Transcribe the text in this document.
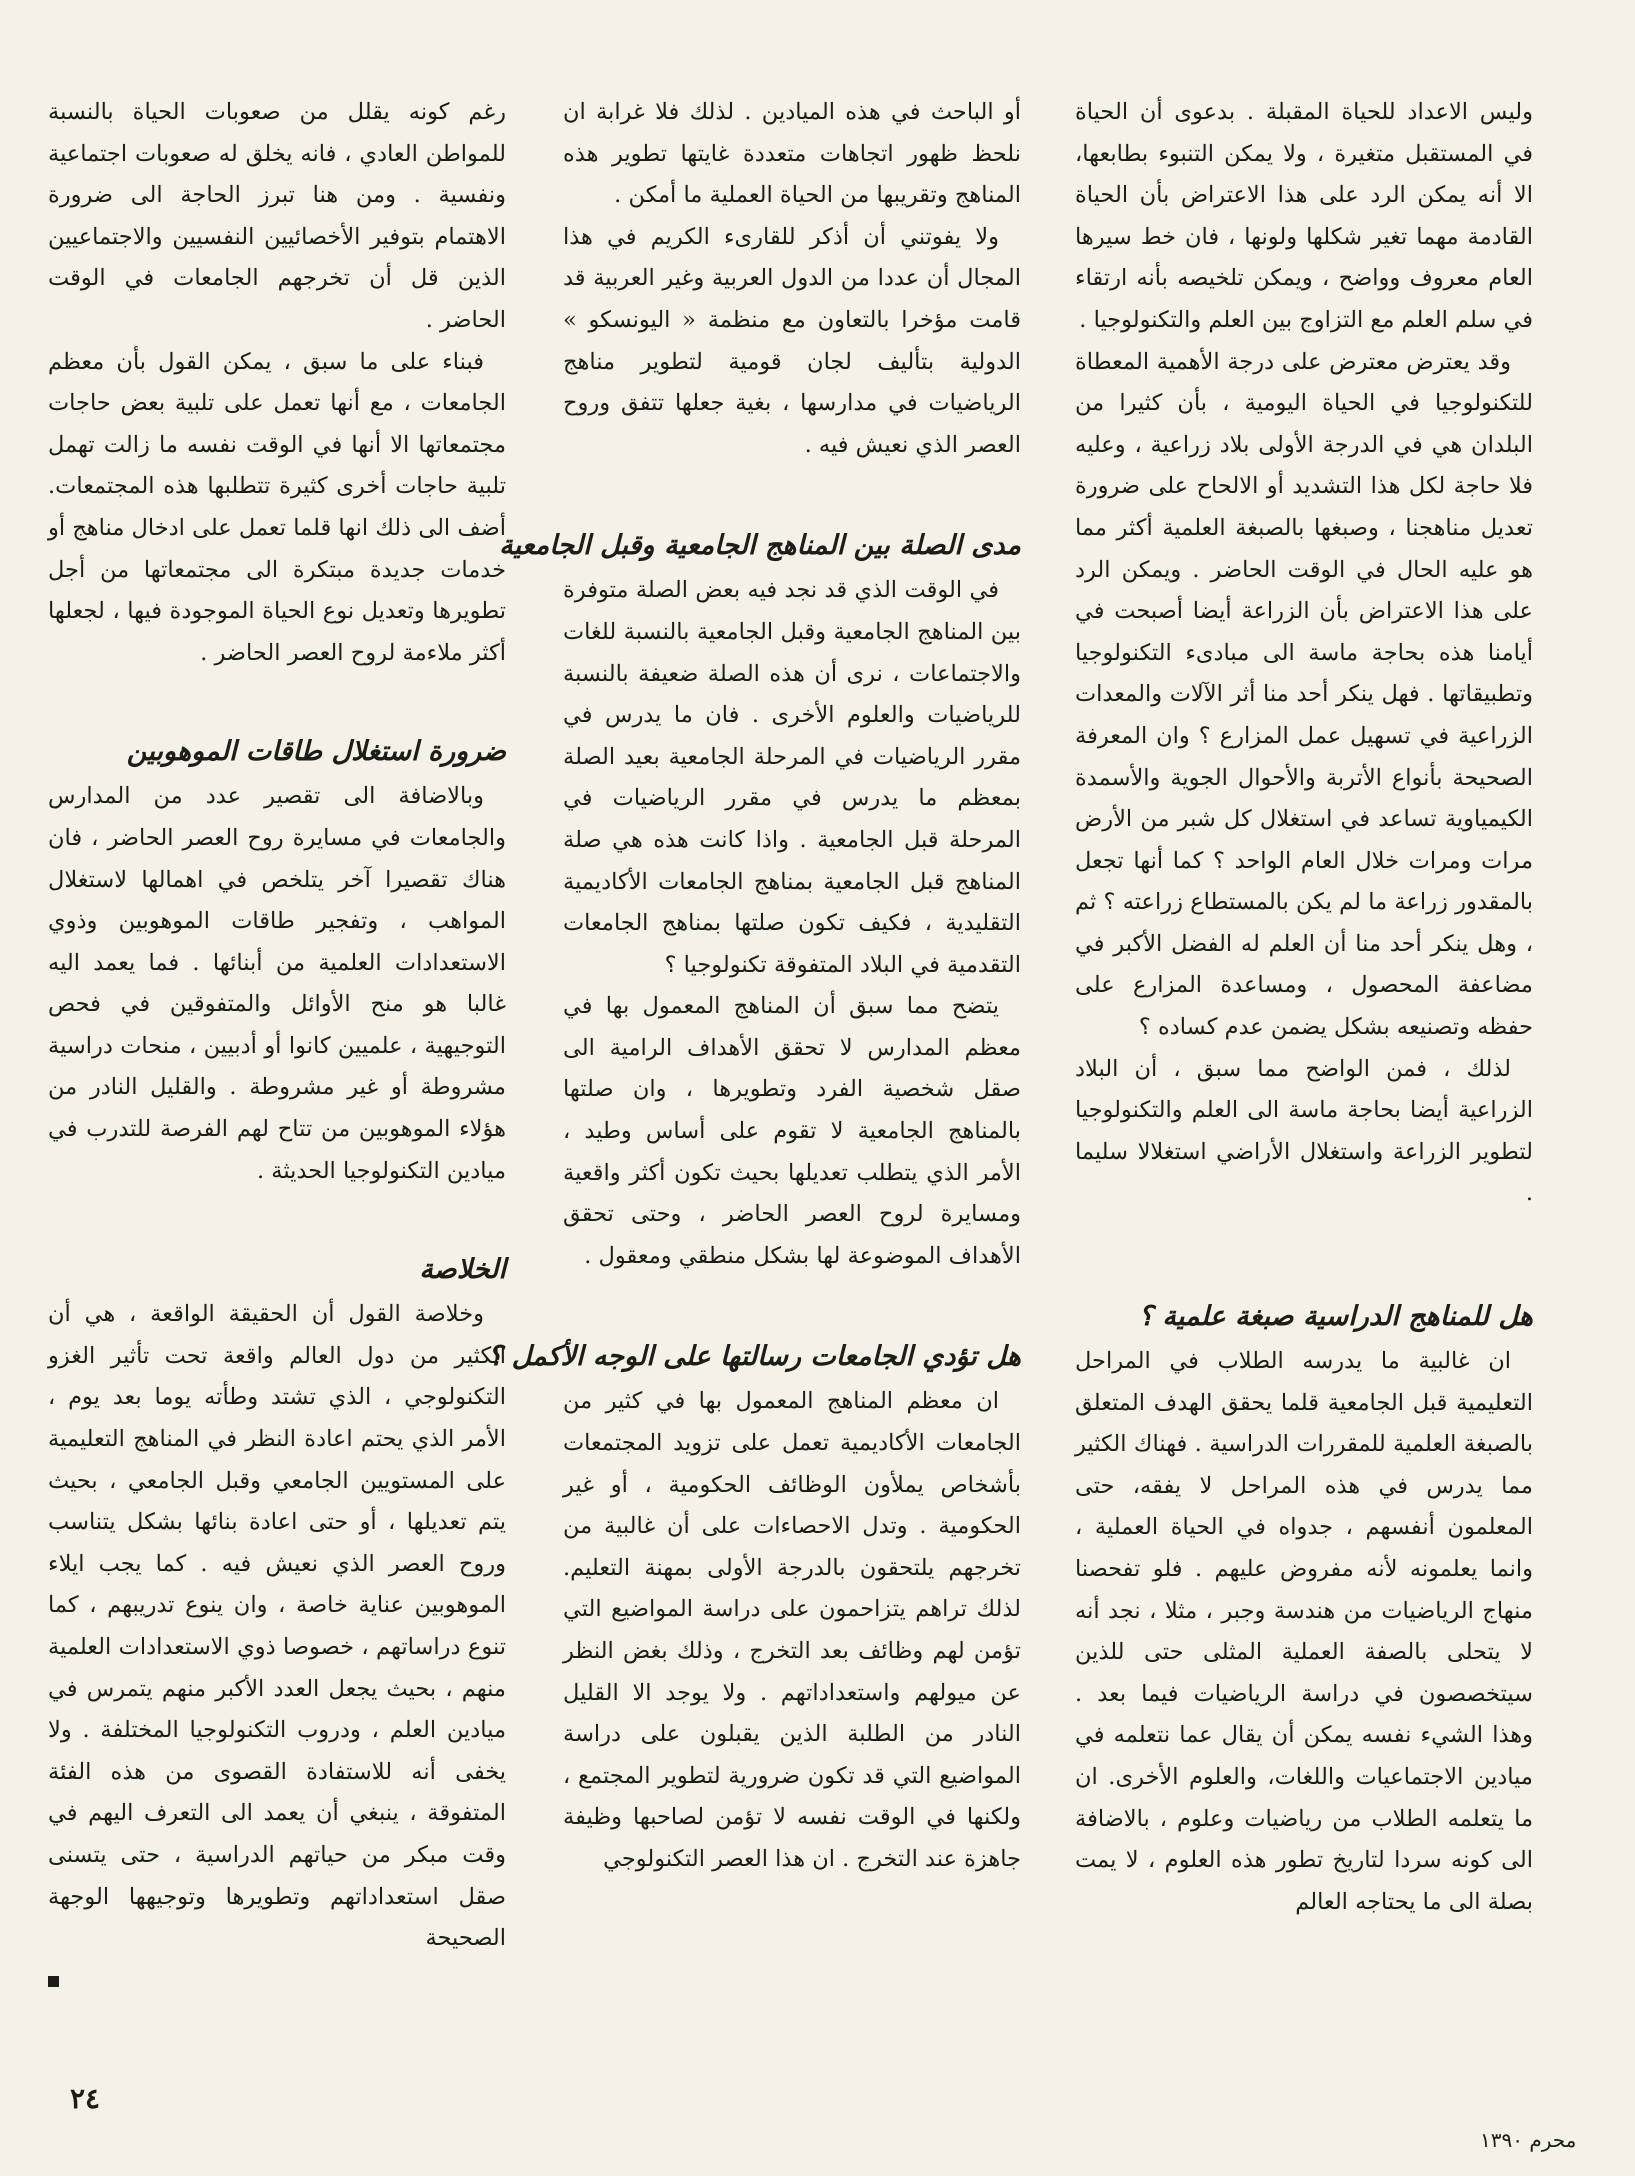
وليس الاعداد للحياة المقبلة . بدعوى أن الحياة في المستقبل متغيرة ، ولا يمكن التنبوء بطابعها، الا أنه يمكن الرد على هذا الاعتراض بأن الحياة القادمة مهما تغير شكلها ولونها ، فان خط سيرها العام معروف وواضح ، ويمكن تلخيصه بأنه ارتقاء في سلم العلم مع التزاوج بين العلم والتكنولوجيا .

وقد يعترض معترض على درجة الأهمية المعطاة للتكنولوجيا في الحياة اليومية ، بأن كثيرا من البلدان هي في الدرجة الأولى بلاد زراعية ، وعليه فلا حاجة لكل هذا التشديد أو الالحاح على ضرورة تعديل مناهجنا ، وصبغها بالصبغة العلمية أكثر مما هو عليه الحال في الوقت الحاضر . ويمكن الرد على هذا الاعتراض بأن الزراعة أيضا أصبحت في أيامنا هذه بحاجة ماسة الى مبادىء التكنولوجيا وتطبيقاتها . فهل ينكر أحد منا أثر الآلات والمعدات الزراعية في تسهيل عمل المزارع ؟ وان المعرفة الصحيحة بأنواع الأتربة والأحوال الجوية والأسمدة الكيمياوية تساعد في استغلال كل شبر من الأرض مرات ومرات خلال العام الواحد ؟ كما أنها تجعل بالمقدور زراعة ما لم يكن بالمستطاع زراعته ؟ ثم ، وهل ينكر أحد منا أن العلم له الفضل الأكبر في مضاعفة المحصول ، ومساعدة المزارع على حفظه وتصنيعه بشكل يضمن عدم كساده ؟

لذلك ، فمن الواضح مما سبق ، أن البلاد الزراعية أيضا بحاجة ماسة الى العلم والتكنولوجيا لتطوير الزراعة واستغلال الأراضي استغلالا سليما .

هل للمناهج الدراسية صبغة علمية ؟

ان غالبية ما يدرسه الطلاب في المراحل التعليمية قبل الجامعية قلما يحقق الهدف المتعلق بالصبغة العلمية للمقررات الدراسية . فهناك الكثير مما يدرس في هذه المراحل لا يفقه، حتى المعلمون أنفسهم ، جدواه في الحياة العملية ، وانما يعلمونه لأنه مفروض عليهم . فلو تفحصنا منهاج الرياضيات من هندسة وجبر ، مثلا ، نجد أنه لا يتحلى بالصفة العملية المثلى حتى للذين سيتخصصون في دراسة الرياضيات فيما بعد . وهذا الشيء نفسه يمكن أن يقال عما نتعلمه في ميادين الاجتماعيات واللغات، والعلوم الأخرى. ان ما يتعلمه الطلاب من رياضيات وعلوم ، بالاضافة الى كونه سردا لتاريخ تطور هذه العلوم ، لا يمت بصلة الى ما يحتاجه العالم

أو الباحث في هذه الميادين . لذلك فلا غرابة ان نلحظ ظهور اتجاهات متعددة غايتها تطوير هذه المناهج وتقريبها من الحياة العملية ما أمكن .

ولا يفوتني أن أذكر للقارىء الكريم في هذا المجال أن عددا من الدول العربية وغير العربية قد قامت مؤخرا بالتعاون مع منظمة « اليونسكو » الدولية بتأليف لجان قومية لتطوير مناهج الرياضيات في مدارسها ، بغية جعلها تتفق وروح العصر الذي نعيش فيه .

مدى الصلة بين المناهج الجامعية وقبل الجامعية

في الوقت الذي قد نجد فيه بعض الصلة متوفرة بين المناهج الجامعية وقبل الجامعية بالنسبة للغات والاجتماعات ، نرى أن هذه الصلة ضعيفة بالنسبة للرياضيات والعلوم الأخرى . فان ما يدرس في مقرر الرياضيات في المرحلة الجامعية بعيد الصلة بمعظم ما يدرس في مقرر الرياضيات في المرحلة قبل الجامعية . واذا كانت هذه هي صلة المناهج قبل الجامعية بمناهج الجامعات الأكاديمية التقليدية ، فكيف تكون صلتها بمناهج الجامعات التقدمية في البلاد المتفوقة تكنولوجيا ؟

يتضح مما سبق أن المناهج المعمول بها في معظم المدارس لا تحقق الأهداف الرامية الى صقل شخصية الفرد وتطويرها ، وان صلتها بالمناهج الجامعية لا تقوم على أساس وطيد ، الأمر الذي يتطلب تعديلها بحيث تكون أكثر واقعية ومسايرة لروح العصر الحاضر ، وحتى تحقق الأهداف الموضوعة لها بشكل منطقي ومعقول .

هل تؤدي الجامعات رسالتها على الوجه الأكمل ؟

ان معظم المناهج المعمول بها في كثير من الجامعات الأكاديمية تعمل على تزويد المجتمعات بأشخاص يملأون الوظائف الحكومية ، أو غير الحكومية . وتدل الاحصاءات على أن غالبية من تخرجهم يلتحقون بالدرجة الأولى بمهنة التعليم. لذلك تراهم يتزاحمون على دراسة المواضيع التي تؤمن لهم وظائف بعد التخرج ، وذلك بغض النظر عن ميولهم واستعداداتهم . ولا يوجد الا القليل النادر من الطلبة الذين يقبلون على دراسة المواضيع التي قد تكون ضرورية لتطوير المجتمع ، ولكنها في الوقت نفسه لا تؤمن لصاحبها وظيفة جاهزة عند التخرج . ان هذا العصر التكنولوجي

رغم كونه يقلل من صعوبات الحياة بالنسبة للمواطن العادي ، فانه يخلق له صعوبات اجتماعية ونفسية . ومن هنا تبرز الحاجة الى ضرورة الاهتمام بتوفير الأخصائيين النفسيين والاجتماعيين الذين قل أن تخرجهم الجامعات في الوقت الحاضر .

فبناء على ما سبق ، يمكن القول بأن معظم الجامعات ، مع أنها تعمل على تلبية بعض حاجات مجتمعاتها الا أنها في الوقت نفسه ما زالت تهمل تلبية حاجات أخرى كثيرة تتطلبها هذه المجتمعات. أضف الى ذلك انها قلما تعمل على ادخال مناهج أو خدمات جديدة مبتكرة الى مجتمعاتها من أجل تطويرها وتعديل نوع الحياة الموجودة فيها ، لجعلها أكثر ملاءمة لروح العصر الحاضر .

ضرورة استغلال طاقات الموهوبين

وبالاضافة الى تقصير عدد من المدارس والجامعات في مسايرة روح العصر الحاضر ، فان هناك تقصيرا آخر يتلخص في اهمالها لاستغلال المواهب ، وتفجير طاقات الموهوبين وذوي الاستعدادات العلمية من أبنائها . فما يعمد اليه غالبا هو منح الأوائل والمتفوقين في فحص التوجيهية ، علميين كانوا أو أدبيين ، منحات دراسية مشروطة أو غير مشروطة . والقليل النادر من هؤلاء الموهوبين من تتاح لهم الفرصة للتدرب في ميادين التكنولوجيا الحديثة .

الخلاصة

وخلاصة القول أن الحقيقة الواقعة ، هي أن الكثير من دول العالم واقعة تحت تأثير الغزو التكنولوجي ، الذي تشتد وطأته يوما بعد يوم ، الأمر الذي يحتم اعادة النظر في المناهج التعليمية على المستويين الجامعي وقبل الجامعي ، بحيث يتم تعديلها ، أو حتى اعادة بنائها بشكل يتناسب وروح العصر الذي نعيش فيه . كما يجب ايلاء الموهوبين عناية خاصة ، وان ينوع تدريبهم ، كما تنوع دراساتهم ، خصوصا ذوي الاستعدادات العلمية منهم ، بحيث يجعل العدد الأكبر منهم يتمرس في ميادين العلم ، ودروب التكنولوجيا المختلفة . ولا يخفى أنه للاستفادة القصوى من هذه الفئة المتفوقة ، ينبغي أن يعمد الى التعرف اليهم في وقت مبكر من حياتهم الدراسية ، حتى يتسنى صقل استعداداتهم وتطويرها وتوجيهها الوجهة الصحيحة

٢٤
محرم ١٣٩٠
